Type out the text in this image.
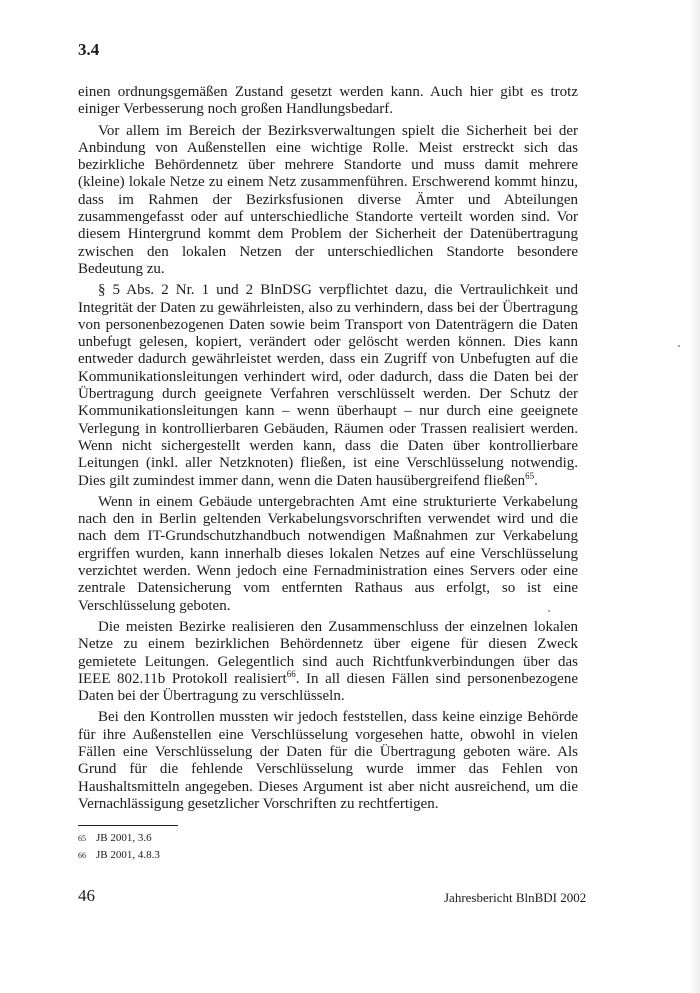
3.4

einen ordnungsgemäßen Zustand gesetzt werden kann. Auch hier gibt es trotz einiger Verbesserung noch großen Handlungsbedarf.

Vor allem im Bereich der Bezirksverwaltungen spielt die Sicherheit bei der Anbindung von Außenstellen eine wichtige Rolle. Meist erstreckt sich das bezirkliche Behördennetz über mehrere Standorte und muss damit mehrere (kleine) lokale Netze zu einem Netz zusammenführen. Erschwerend kommt hinzu, dass im Rahmen der Bezirksfusionen diverse Ämter und Abteilungen zusammengefasst oder auf unterschiedliche Standorte verteilt worden sind. Vor diesem Hintergrund kommt dem Problem der Sicherheit der Datenübertragung zwischen den lokalen Netzen der unterschiedlichen Standorte besondere Bedeutung zu.

§ 5 Abs. 2 Nr. 1 und 2 BlnDSG verpflichtet dazu, die Vertraulichkeit und Integrität der Daten zu gewährleisten, also zu verhindern, dass bei der Übertragung von personenbezogenen Daten sowie beim Transport von Datenträgern die Daten unbefugt gelesen, kopiert, verändert oder gelöscht werden können. Dies kann entweder dadurch gewährleistet werden, dass ein Zugriff von Unbefugten auf die Kommunikationsleitungen verhindert wird, oder dadurch, dass die Daten bei der Übertragung durch geeignete Verfahren verschlüsselt werden. Der Schutz der Kommunikationsleitungen kann – wenn überhaupt – nur durch eine geeignete Verlegung in kontrollierbaren Gebäuden, Räumen oder Trassen realisiert werden. Wenn nicht sichergestellt werden kann, dass die Daten über kontrollierbare Leitungen (inkl. aller Netzknoten) fließen, ist eine Verschlüsselung notwendig. Dies gilt zumindest immer dann, wenn die Daten hausübergreifend fließen$^{65}$.

Wenn in einem Gebäude untergebrachten Amt eine strukturierte Verkabelung nach den in Berlin geltenden Verkabelungsvorschriften verwendet wird und die nach dem IT-Grundschutzhandbuch notwendigen Maßnahmen zur Verkabelung ergriffen wurden, kann innerhalb dieses lokalen Netzes auf eine Verschlüsselung verzichtet werden. Wenn jedoch eine Fernadministration eines Servers oder eine zentrale Datensicherung vom entfernten Rathaus aus erfolgt, so ist eine Verschlüsselung geboten.

Die meisten Bezirke realisieren den Zusammenschluss der einzelnen lokalen Netze zu einem bezirklichen Behördennetz über eigene für diesen Zweck gemietete Leitungen. Gelegentlich sind auch Richtfunkverbindungen über das IEEE 802.11b Protokoll realisiert$^{66}$. In all diesen Fällen sind personenbezogene Daten bei der Übertragung zu verschlüsseln.

Bei den Kontrollen mussten wir jedoch feststellen, dass keine einzige Behörde für ihre Außenstellen eine Verschlüsselung vorgesehen hatte, obwohl in vielen Fällen eine Verschlüsselung der Daten für die Übertragung geboten wäre. Als Grund für die fehlende Verschlüsselung wurde immer das Fehlen von Haushaltsmitteln angegeben. Dieses Argument ist aber nicht ausreichend, um die Vernachlässigung gesetzlicher Vorschriften zu rechtfertigen.

65 JB 2001, 3.6
66 JB 2001, 4.8.3
46	Jahresbericht BlnBDI 2002
